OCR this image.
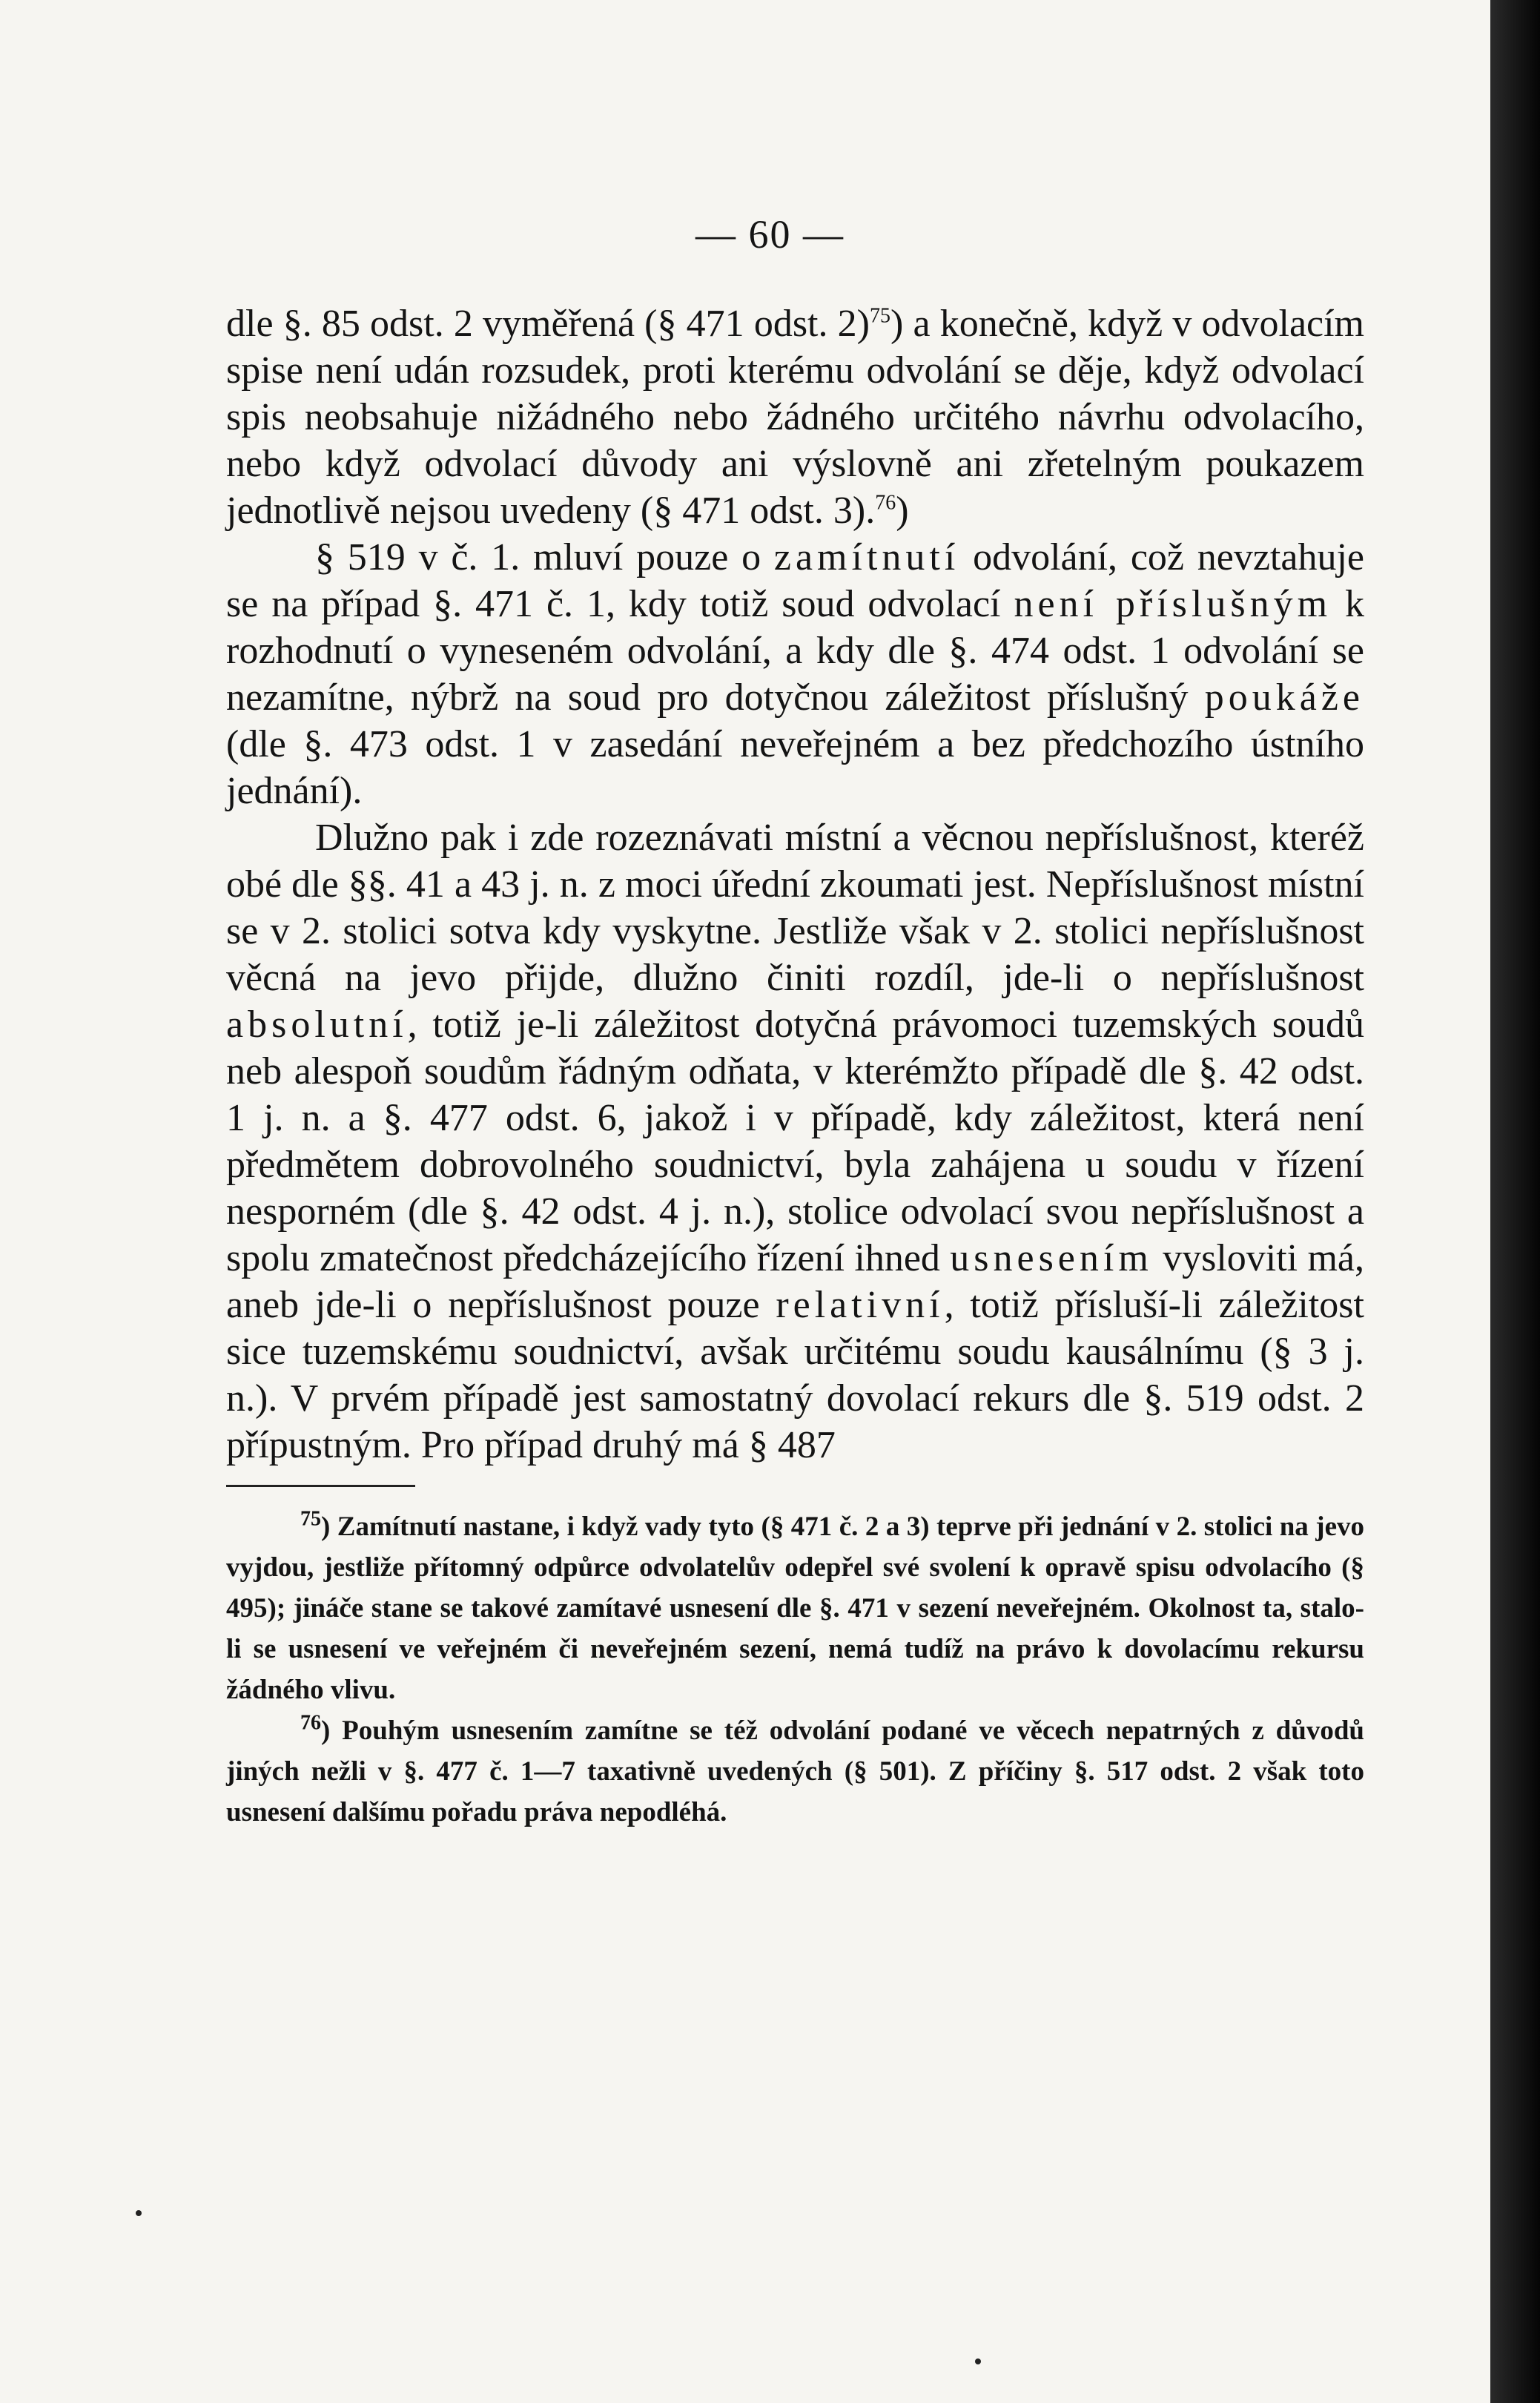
— 60 —

dle §. 85 odst. 2 vyměřená (§ 471 odst. 2)$^{75}$) a konečně, když v odvolacím spise není udán rozsudek, proti kterému odvolání se děje, když odvolací spis neobsahuje nižádného nebo žádného určitého návrhu odvolacího, nebo když odvolací důvody ani výslovně ani zřetelným poukazem jednotlivě nejsou uvedeny (§ 471 odst. 3).$^{76}$)

§ 519 v č. 1. mluví pouze o zamítnutí odvolání, což nevztahuje se na případ §. 471 č. 1, kdy totiž soud odvolací není příslušným k rozhodnutí o vyneseném odvolání, a kdy dle §. 474 odst. 1 odvolání se nezamítne, nýbrž na soud pro dotyčnou záležitost příslušný poukáže (dle §. 473 odst. 1 v zasedání neveřejném a bez předchozího ústního jednání).

Dlužno pak i zde rozeznávati místní a věcnou nepříslušnost, kteréž obé dle §§. 41 a 43 j. n. z moci úřední zkoumati jest. Nepříslušnost místní se v 2. stolici sotva kdy vyskytne. Jestliže však v 2. stolici nepříslušnost věcná na jevo přijde, dlužno činiti rozdíl, jde-li o nepříslušnost absolutní, totiž je-li záležitost dotyčná právomoci tuzemských soudů neb alespoň soudům řádným odňata, v kterémžto případě dle §. 42 odst. 1 j. n. a §. 477 odst. 6, jakož i v případě, kdy záležitost, která není předmětem dobrovolného soudnictví, byla zahájena u soudu v řízení nesporném (dle §. 42 odst. 4 j. n.), stolice odvolací svou nepříslušnost a spolu zmatečnost předcházejícího řízení ihned usnesením vysloviti má, aneb jde-li o nepříslušnost pouze relativní, totiž přísluší-li záležitost sice tuzemskému soudnictví, avšak určitému soudu kausálnímu (§ 3 j. n.). V prvém případě jest samostatný dovolací rekurs dle §. 519 odst. 2 přípustným. Pro případ druhý má § 487

$^{75}$) Zamítnutí nastane, i když vady tyto (§ 471 č. 2 a 3) teprve při jednání v 2. stolici na jevo vyjdou, jestliže přítomný odpůrce odvolatelův odepřel své svolení k opravě spisu odvolacího (§ 495); jináče stane se takové zamítavé usnesení dle §. 471 v sezení neveřejném. Okolnost ta, stalo-li se usnesení ve veřejném či neveřejném sezení, nemá tudíž na právo k dovolacímu rekursu žádného vlivu.

$^{76}$) Pouhým usnesením zamítne se též odvolání podané ve věcech nepatrných z důvodů jiných nežli v §. 477 č. 1—7 taxativně uvedených (§ 501). Z příčiny §. 517 odst. 2 však toto usnesení dalšímu pořadu práva nepodléhá.
